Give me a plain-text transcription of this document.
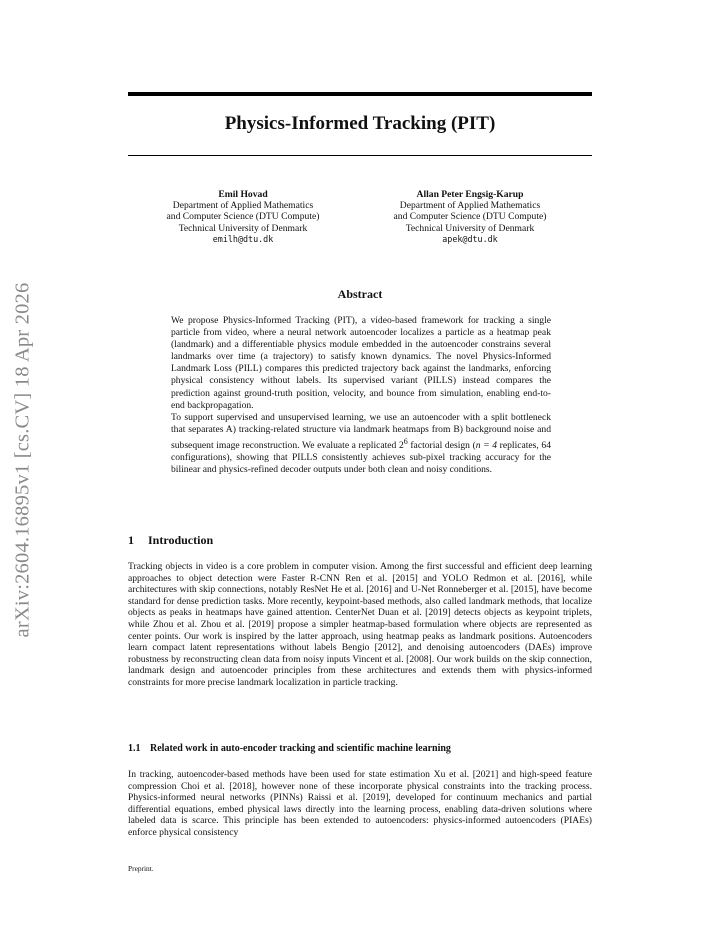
arXiv:2604.16895v1 [cs.CV] 18 Apr 2026
Physics-Informed Tracking (PIT)
Emil Hovad
Department of Applied Mathematics
and Computer Science (DTU Compute)
Technical University of Denmark
emilh@dtu.dk
Allan Peter Engsig-Karup
Department of Applied Mathematics
and Computer Science (DTU Compute)
Technical University of Denmark
apek@dtu.dk
Abstract

We propose Physics-Informed Tracking (PIT), a video-based framework for tracking a single particle from video, where a neural network autoencoder localizes a particle as a heatmap peak (landmark) and a differentiable physics module embedded in the autoencoder constrains several landmarks over time (a trajectory) to satisfy known dynamics. The novel Physics-Informed Landmark Loss (PILL) compares this predicted trajectory back against the landmarks, enforcing physical consistency without labels. Its supervised variant (PILLS) instead compares the prediction against ground-truth position, velocity, and bounce from simulation, enabling end-to-end backpropagation.

To support supervised and unsupervised learning, we use an autoencoder with a split bottleneck that separates A) tracking-related structure via landmark heatmaps from B) background noise and subsequent image reconstruction. We evaluate a replicated $2^6$ factorial design (n = 4 replicates, 64 configurations), showing that PILLS consistently achieves sub-pixel tracking accuracy for the bilinear and physics-refined decoder outputs under both clean and noisy conditions.

1 Introduction

Tracking objects in video is a core problem in computer vision. Among the first successful and efficient deep learning approaches to object detection were Faster R-CNN Ren et al. [2015] and YOLO Redmon et al. [2016], while architectures with skip connections, notably ResNet He et al. [2016] and U-Net Ronneberger et al. [2015], have become standard for dense prediction tasks. More recently, keypoint-based methods, also called landmark methods, that localize objects as peaks in heatmaps have gained attention. CenterNet Duan et al. [2019] detects objects as keypoint triplets, while Zhou et al. Zhou et al. [2019] propose a simpler heatmap-based formulation where objects are represented as center points. Our work is inspired by the latter approach, using heatmap peaks as landmark positions. Autoencoders learn compact latent representations without labels Bengio [2012], and denoising autoencoders (DAEs) improve robustness by reconstructing clean data from noisy inputs Vincent et al. [2008]. Our work builds on the skip connection, landmark design and autoencoder principles from these architectures and extends them with physics-informed constraints for more precise landmark localization in particle tracking.

1.1 Related work in auto-encoder tracking and scientific machine learning

In tracking, autoencoder-based methods have been used for state estimation Xu et al. [2021] and high-speed feature compression Choi et al. [2018], however none of these incorporate physical constraints into the tracking process. Physics-informed neural networks (PINNs) Raissi et al. [2019], developed for continuum mechanics and partial differential equations, embed physical laws directly into the learning process, enabling data-driven solutions where labeled data is scarce. This principle has been extended to autoencoders: physics-informed autoencoders (PIAEs) enforce physical consistency

Preprint.
